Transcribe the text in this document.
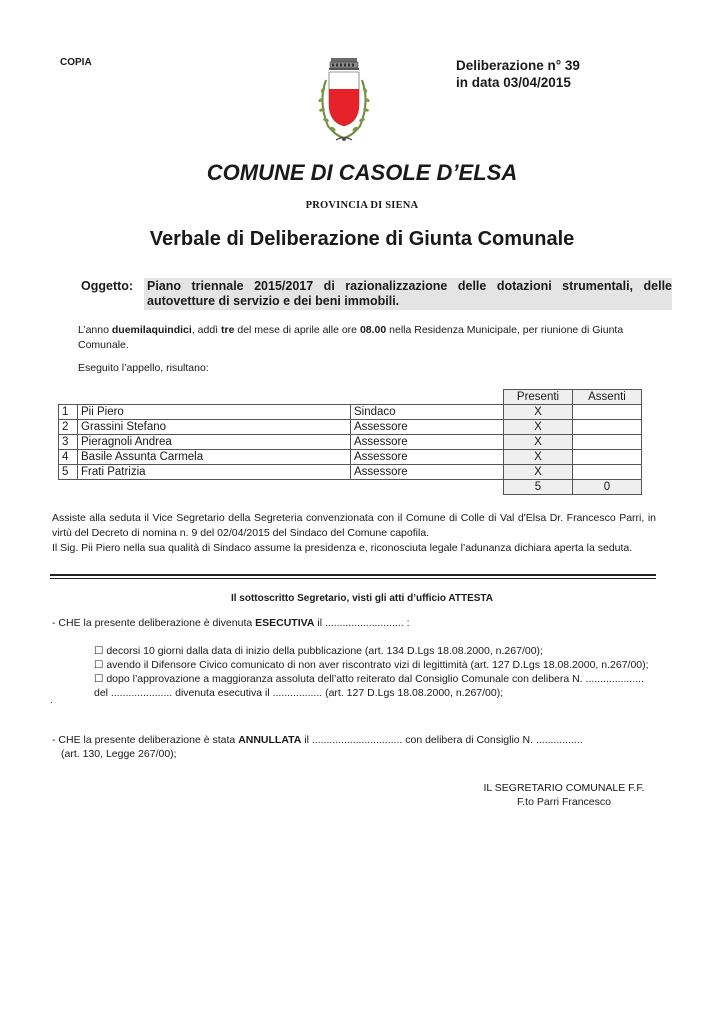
COPIA	Deliberazione n° 39
in data 03/04/2015
COMUNE DI CASOLE D’ELSA
PROVINCIA DI SIENA
Verbale di Deliberazione di Giunta Comunale
Oggetto: Piano triennale 2015/2017 di razionalizzazione delle dotazioni strumentali, delle autovetture di servizio e dei beni immobili.
L’anno duemilaquindici, addì tre del mese di aprile alle ore 08.00 nella Residenza Municipale, per riunione di Giunta Comunale.
Eseguito l’appello, risultano:
			Presenti	Assenti
1	Pii Piero	Sindaco	X	
2	Grassini Stefano	Assessore	X	
3	Pieragnoli Andrea	Assessore	X	
4	Basile Assunta Carmela	Assessore	X	
5	Frati Patrizia	Assessore	X	
			5	0
Assiste alla seduta il Vice Segretario della Segreteria convenzionata con il Comune di Colle di Val d'Elsa Dr. Francesco Parri, in virtù del Decreto di nomina n. 9 del 02/04/2015 del Sindaco del Comune capofila.
Il Sig. Pii Piero nella sua qualità di Sindaco assume la presidenza e, riconosciuta legale l’adunanza dichiara aperta la seduta.
Il sottoscritto Segretario, visti gli atti d’ufficio ATTESTA
- CHE la presente deliberazione è divenuta ESECUTIVA il ........................... :
☐ decorsi 10 giorni dalla data di inizio della pubblicazione (art. 134 D.Lgs 18.08.2000, n.267/00);
☐ avendo il Difensore Civico comunicato di non aver riscontrato vizi di legittimità (art. 127 D.Lgs 18.08.2000, n.267/00);
☐ dopo l’approvazione a maggioranza assoluta dell’atto reiterato dal Consiglio Comunale con delibera N. .................... del ..................... divenuta esecutiva il ................. (art. 127 D.Lgs 18.08.2000, n.267/00);
.
- CHE la presente deliberazione è stata ANNULLATA il ............................... con delibera di Consiglio N. ................
(art. 130, Legge 267/00);
IL SEGRETARIO COMUNALE F.F.
F.to Parri Francesco
